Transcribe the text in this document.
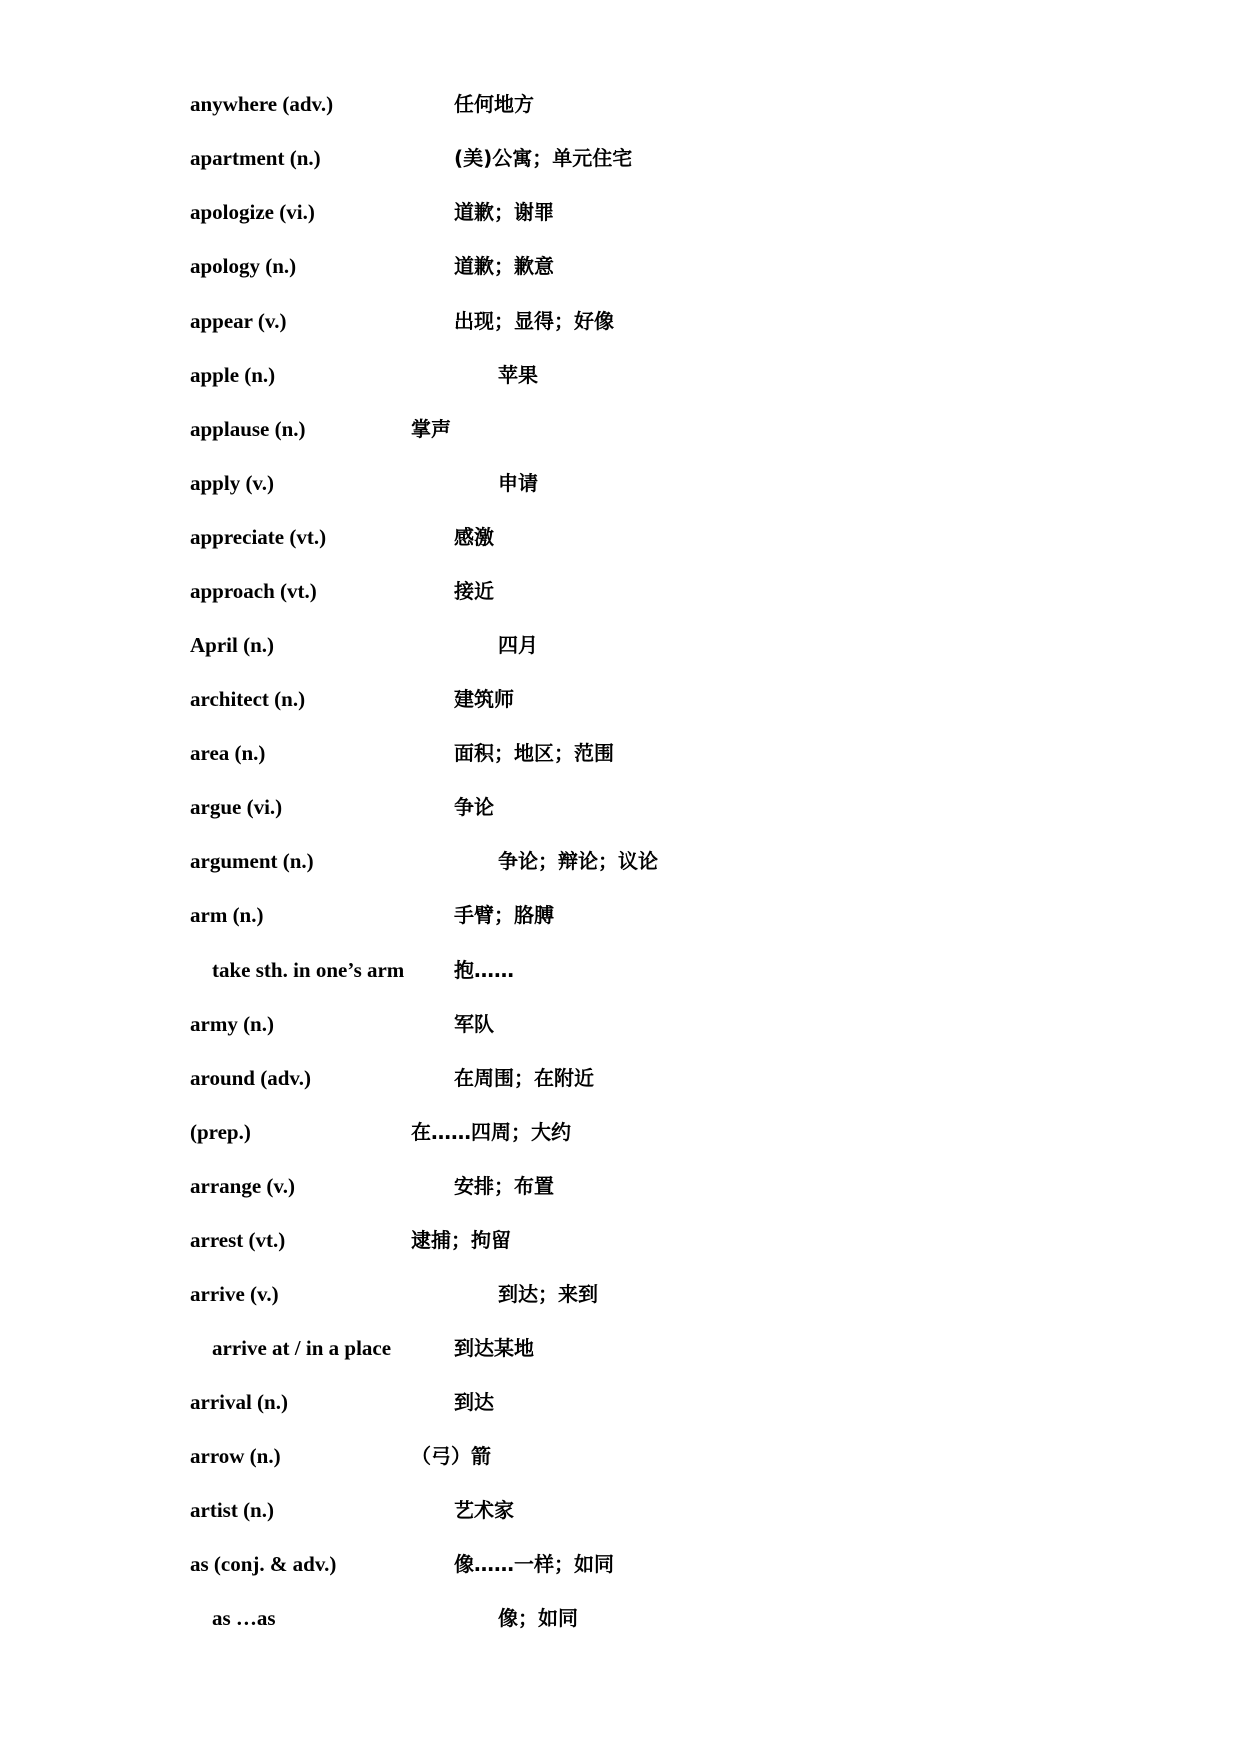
anywhere (adv.)	任何地方
apartment (n.)	(美)公寓；单元住宅
apologize (vi.)	道歉；谢罪
apology (n.)	道歉；歉意
appear (v.)	出现；显得；好像
apple (n.)	苹果
applause (n.)	掌声
apply (v.)	申请
appreciate (vt.)	感激
approach (vt.)	接近
April (n.)	四月
architect (n.)	建筑师
area (n.)	面积；地区；范围
argue (vi.)	争论
argument (n.)	争论；辩论；议论
arm (n.)	手臂；胳膊
take sth. in one’s arm 抱……
army (n.)	军队
around (adv.)	在周围；在附近
(prep.)	在……四周；大约
arrange (v.)	安排；布置
arrest (vt.)	逮捕；拘留
arrive (v.)	到达；来到
arrive at / in a place	到达某地
arrival (n.)	到达
arrow (n.)	（弓）箭
artist (n.)	艺术家
as (conj. & adv.)	像……一样；如同
as …as	像；如同
